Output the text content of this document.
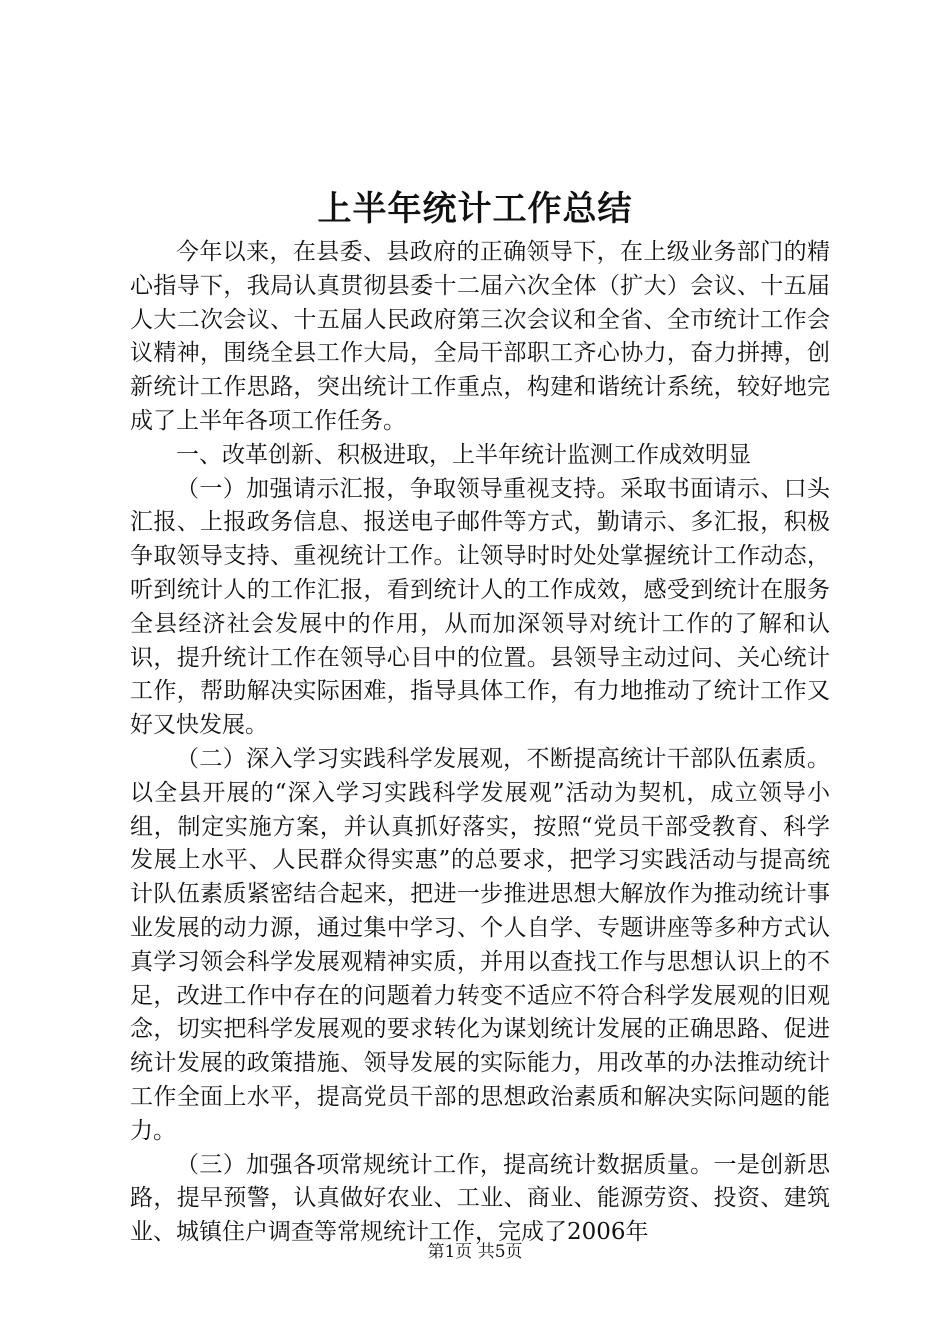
上半年统计工作总结

今年以来，在县委、县政府的正确领导下，在上级业务部门的精心指导下，我局认真贯彻县委十二届六次全体（扩大）会议、十五届人大二次会议、十五届人民政府第三次会议和全省、全市统计工作会议精神，围绕全县工作大局，全局干部职工齐心协力，奋力拼搏，创新统计工作思路，突出统计工作重点，构建和谐统计系统，较好地完成了上半年各项工作任务。

一、改革创新、积极进取，上半年统计监测工作成效明显

（一）加强请示汇报，争取领导重视支持。采取书面请示、口头汇报、上报政务信息、报送电子邮件等方式，勤请示、多汇报，积极争取领导支持、重视统计工作。让领导时时处处掌握统计工作动态，听到统计人的工作汇报，看到统计人的工作成效，感受到统计在服务全县经济社会发展中的作用，从而加深领导对统计工作的了解和认识，提升统计工作在领导心目中的位置。县领导主动过问、关心统计工作，帮助解决实际困难，指导具体工作，有力地推动了统计工作又好又快发展。

（二）深入学习实践科学发展观，不断提高统计干部队伍素质。以全县开展的“深入学习实践科学发展观”活动为契机，成立领导小组，制定实施方案，并认真抓好落实，按照“党员干部受教育、科学发展上水平、人民群众得实惠”的总要求，把学习实践活动与提高统计队伍素质紧密结合起来，把进一步推进思想大解放作为推动统计事业发展的动力源，通过集中学习、个人自学、专题讲座等多种方式认真学习领会科学发展观精神实质，并用以查找工作与思想认识上的不足，改进工作中存在的问题着力转变不适应不符合科学发展观的旧观念，切实把科学发展观的要求转化为谋划统计发展的正确思路、促进统计发展的政策措施、领导发展的实际能力，用改革的办法推动统计工作全面上水平，提高党员干部的思想政治素质和解决实际问题的能力。

（三）加强各项常规统计工作，提高统计数据质量。一是创新思路，提早预警，认真做好农业、工业、商业、能源劳资、投资、建筑业、城镇住户调查等常规统计工作，完成了2006年

第1页 共5页
